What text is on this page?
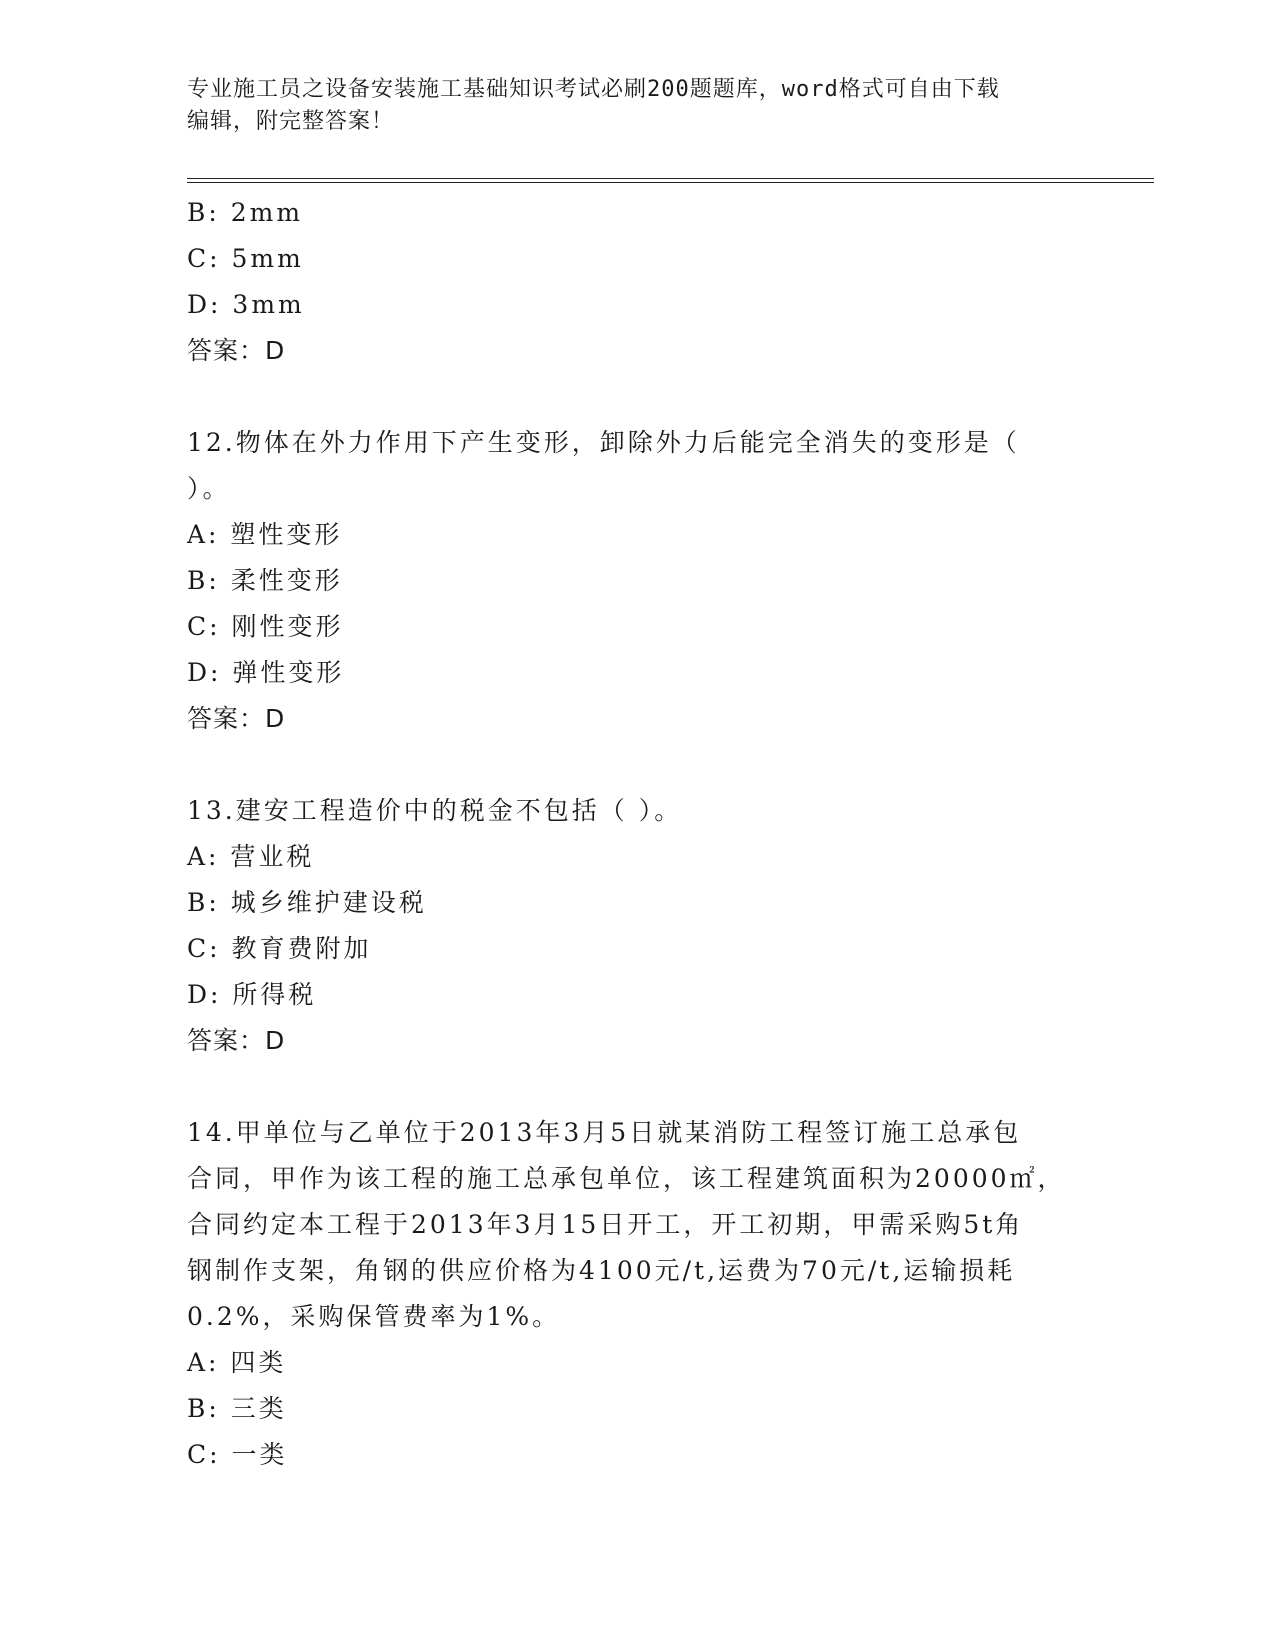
专业施工员之设备安装施工基础知识考试必刷200题题库，word格式可自由下载
编辑，附完整答案！
B: 2mm
C: 5mm
D: 3mm
答案：D
12.物体在外力作用下产生变形，卸除外力后能完全消失的变形是（
）。
A: 塑性变形
B: 柔性变形
C: 刚性变形
D: 弹性变形
答案：D
13.建安工程造价中的税金不包括（ ）。
A: 营业税
B: 城乡维护建设税
C: 教育费附加
D: 所得税
答案：D
14.甲单位与乙单位于2013年3月5日就某消防工程签订施工总承包
合同，甲作为该工程的施工总承包单位，该工程建筑面积为20000㎡，
合同约定本工程于2013年3月15日开工，开工初期，甲需采购5t角
钢制作支架，角钢的供应价格为4100元/t,运费为70元/t,运输损耗
0.2%，采购保管费率为1%。
A: 四类
B: 三类
C: 一类
